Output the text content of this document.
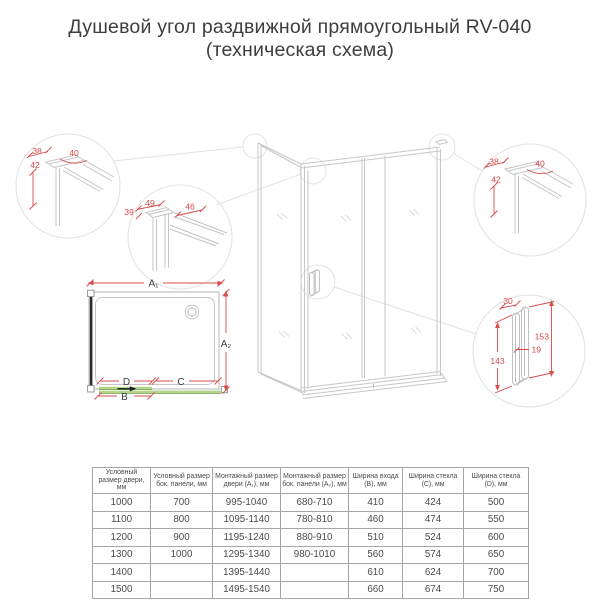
Душевой угол раздвижной прямоугольный RV-040
(техническая схема)
A₁
A₂
D	C
B
38	40
42
49	46
39
38	40
42
30
153
143
19
Условный размер двери, мм	Условный размер бок. панели, мм	Монтажный размер двери (A₁), мм	Монтажный размер бок. панели (A₂), мм	Ширина входа (B), мм	Ширина стекла (C), мм	Ширина стекла (D), мм
1000	700	995-1040	680-710	410	424	500
1100	800	1095-1140	780-810	460	474	550
1200	900	1195-1240	880-910	510	524	600
1300	1000	1295-1340	980-1010	560	574	650
1400		1395-1440		610	624	700
1500		1495-1540		660	674	750
